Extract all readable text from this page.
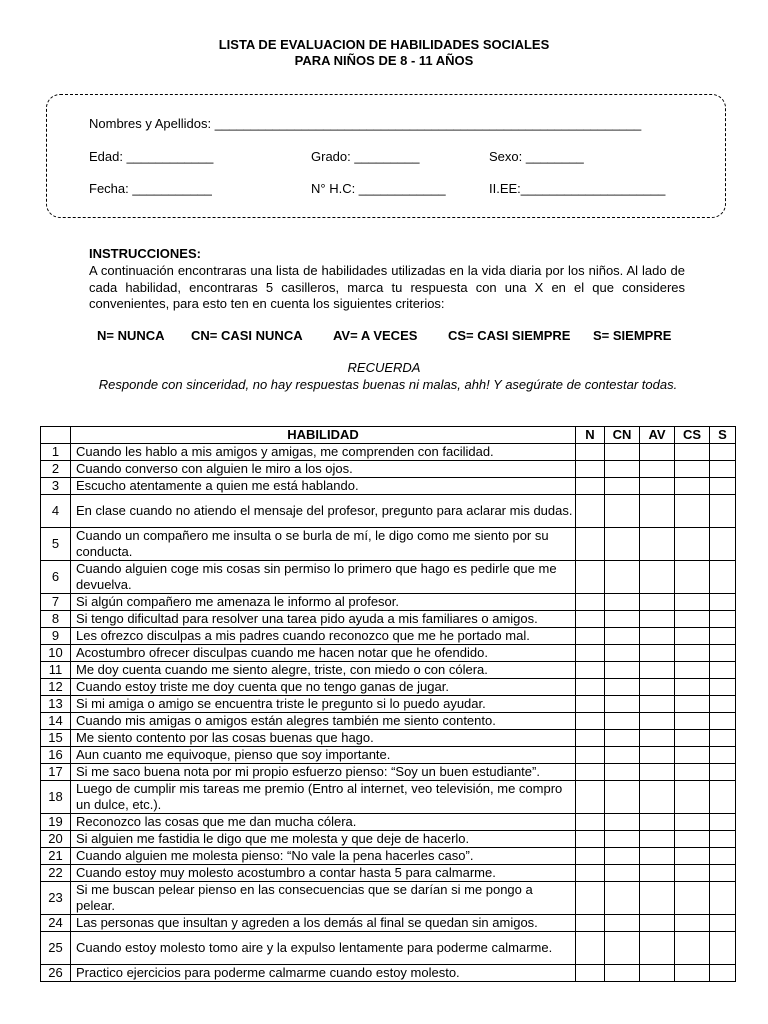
LISTA DE EVALUACION DE HABILIDADES SOCIALES
PARA NIÑOS DE 8 - 11 AÑOS
Nombres y Apellidos: ___________________________________________________________
Edad: ____________	Grado: _________	Sexo: ________
Fecha: ___________	N° H.C: ____________	II.EE:____________________
INSTRUCCIONES:
A continuación encontraras una lista de habilidades utilizadas en la vida diaria por los niños. Al lado de cada habilidad, encontraras 5 casilleros, marca tu respuesta con una X en el que consideres convenientes, para esto ten en cuenta los siguientes criterios:
N= NUNCA CN= CASI NUNCA AV= A VECES CS= CASI SIEMPRE S= SIEMPRE
RECUERDA
Responde con sinceridad, no hay respuestas buenas ni malas, ahh! Y asegúrate de contestar todas.
	HABILIDAD	N	CN	AV	CS	S
1	Cuando les hablo a mis amigos y amigas, me comprenden con facilidad.					
2	Cuando converso con alguien le miro a los ojos.					
3	Escucho atentamente a quien me está hablando.					
4	En clase cuando no atiendo el mensaje del profesor, pregunto para aclarar mis dudas.					
5	Cuando un compañero me insulta o se burla de mí, le digo como me siento por su conducta.					
6	Cuando alguien coge mis cosas sin permiso lo primero que hago es pedirle que me devuelva.					
7	Si algún compañero me amenaza le informo al profesor.					
8	Si tengo dificultad para resolver una tarea pido ayuda a mis familiares o amigos.					
9	Les ofrezco disculpas a mis padres cuando reconozco que me he portado mal.					
10	Acostumbro ofrecer disculpas cuando me hacen notar que he ofendido.					
11	Me doy cuenta cuando me siento alegre, triste, con miedo o con cólera.					
12	Cuando estoy triste me doy cuenta que no tengo ganas de jugar.					
13	Si mi amiga o amigo se encuentra triste le pregunto si lo puedo ayudar.					
14	Cuando mis amigas o amigos están alegres también me siento contento.					
15	Me siento contento por las cosas buenas que hago.					
16	Aun cuanto me equivoque, pienso que soy importante.					
17	Si me saco buena nota por mi propio esfuerzo pienso: “Soy un buen estudiante”.					
18	Luego de cumplir mis tareas me premio (Entro al internet, veo televisión, me compro un dulce, etc.).					
19	Reconozco las cosas que me dan mucha cólera.					
20	Si alguien me fastidia le digo que me molesta y que deje de hacerlo.					
21	Cuando alguien me molesta pienso: “No vale la pena hacerles caso”.					
22	Cuando estoy muy molesto acostumbro a contar hasta 5 para calmarme.					
23	Si me buscan pelear pienso en las consecuencias que se darían si me pongo a pelear.					
24	Las personas que insultan y agreden a los demás al final se quedan sin amigos.					
25	Cuando estoy molesto tomo aire y la expulso lentamente para poderme calmarme.					
26	Practico ejercicios para poderme calmarme cuando estoy molesto.					
